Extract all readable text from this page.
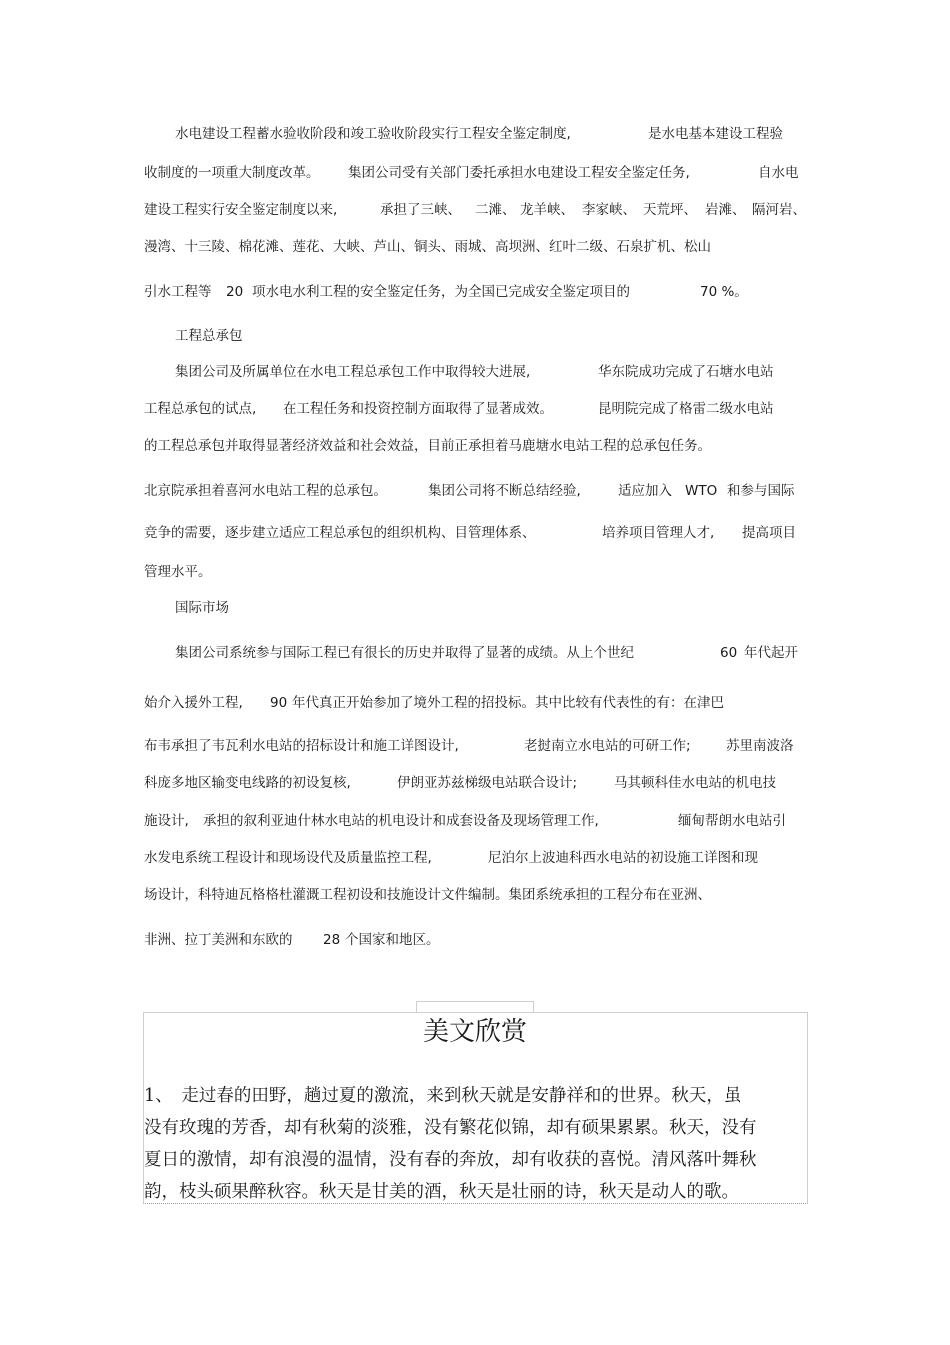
水电建设工程蓄水验收阶段和竣工验收阶段实行工程安全鉴定制度,

	是水电基本建设工程验

收制度的一项重大制度改革。

集团公司受有关部门委托承担水电建设工程安全鉴定任务,

	自水电

建设工程实行安全鉴定制度以来,

	承担了三峡、

二滩、

龙羊峡、

李家峡、

天荒坪、

岩滩、

隔河岩、

漫湾、十三陵、棉花滩、莲花、大峡、芦山、铜头、雨城、高坝洲、红叶二级、石泉扩机、松山

引水工程等

20

项水电水利工程的安全鉴定任务，为全国已完成安全鉴定项目的

	70 %。

工程总承包

集团公司及所属单位在水电工程总承包工作中取得较大进展,

	华东院成功完成了石塘水电站

工程总承包的试点,

在工程任务和投资控制方面取得了显著成效。

	昆明院完成了格雷二级水电站

的工程总承包并取得显著经济效益和社会效益，目前正承担着马鹿塘水电站工程的总承包任务。

北京院承担着喜河水电站工程的总承包。

	集团公司将不断总结经验,

	适应加入

WTO

和参与国际

竞争的需要，逐步建立适应工程总承包的组织机构、目管理体系、

	培养项目管理人才,

提高项目

管理水平。

国际市场

集团公司系统参与国际工程已有很长的历史并取得了显著的成绩。从上个世纪

	60

年代起开

始介入援外工程,

90

年代真正开始参加了境外工程的招投标。其中比较有代表性的有：在津巴

布韦承担了韦瓦利水电站的招标设计和施工详图设计,

	老挝南立水电站的可研工作;

	苏里南波洛

科庞多地区输变电线路的初设复核,

	伊朗亚苏兹梯级电站联合设计;

	马其顿科佳水电站的机电技

施设计,

承担的叙利亚迪什林水电站的机电设计和成套设备及现场管理工作,

	缅甸帮朗水电站引

水发电系统工程设计和现场设代及质量监控工程,

	尼泊尔上波迪科西水电站的初设施工详图和现

场设计，科特迪瓦格格杜灌溉工程初设和技施设计文件编制。集团系统承担的工程分布在亚洲、

非洲、拉丁美洲和东欧的

28

个国家和地区。

美文欣赏
1、　走过春的田野，趟过夏的激流，来到秋天就是安静祥和的世界。秋天，虽
没有玫瑰的芳香，却有秋菊的淡雅，没有繁花似锦，却有硕果累累。秋天，没有
夏日的激情，却有浪漫的温情，没有春的奔放，却有收获的喜悦。清风落叶舞秋
韵，枝头硕果醉秋容。秋天是甘美的酒，秋天是壮丽的诗，秋天是动人的歌。
